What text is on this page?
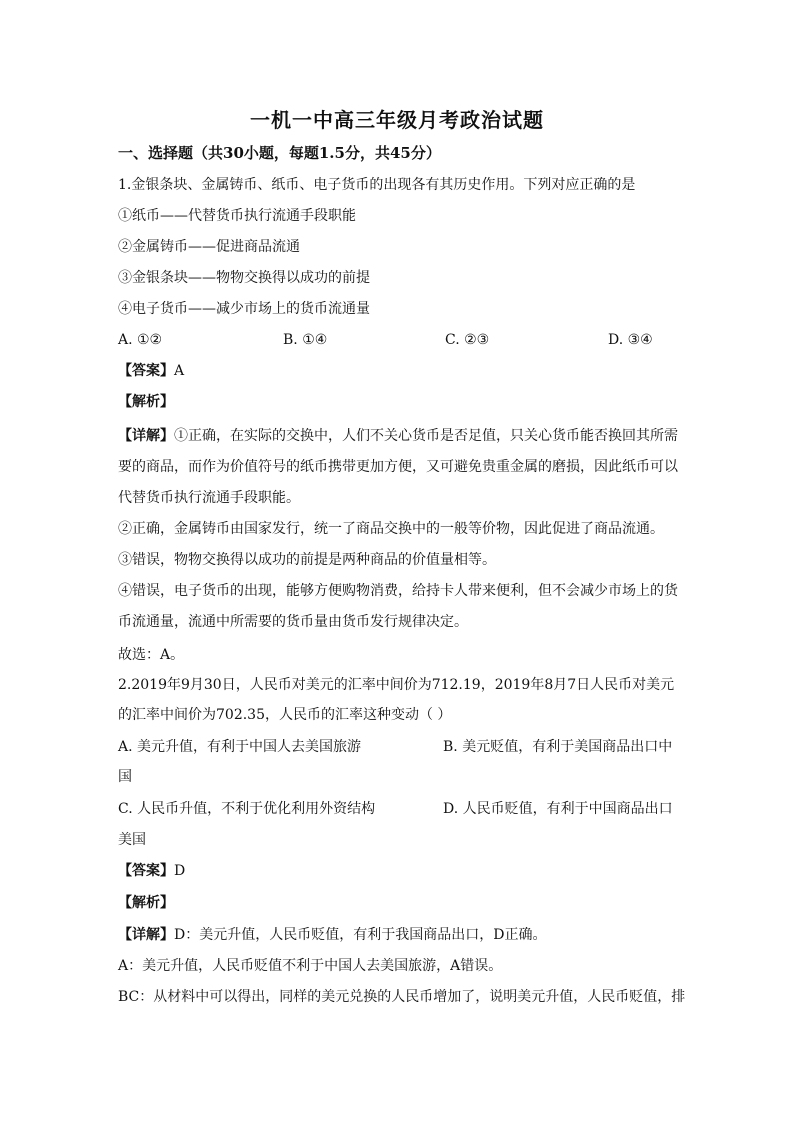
一机一中高三年级月考政治试题
一、选择题（共30小题，每题1.5分，共45分）
1.金银条块、金属铸币、纸币、电子货币的出现各有其历史作用。下列对应正确的是
①纸币——代替货币执行流通手段职能
②金属铸币——促进商品流通
③金银条块——物物交换得以成功的前提
④电子货币——减少市场上的货币流通量
A. ①②	B. ①④	C. ②③	D. ③④
【答案】A
【解析】
【详解】①正确，在实际的交换中，人们不关心货币是否足值，只关心货币能否换回其所需
要的商品，而作为价值符号的纸币携带更加方便，又可避免贵重金属的磨损，因此纸币可以
代替货币执行流通手段职能。
②正确，金属铸币由国家发行，统一了商品交换中的一般等价物，因此促进了商品流通。
③错误，物物交换得以成功的前提是两种商品的价值量相等。
④错误，电子货币的出现，能够方便购物消费，给持卡人带来便利，但不会减少市场上的货
币流通量，流通中所需要的货币量由货币发行规律决定。
故选：A。
2.2019年9月30日，人民币对美元的汇率中间价为712.19，2019年8月7日人民币对美元
的汇率中间价为702.35，人民币的汇率这种变动（ ）
A. 美元升值，有利于中国人去美国旅游	B. 美元贬值，有利于美国商品出口中
国
C. 人民币升值，不利于优化利用外资结构	D. 人民币贬值，有利于中国商品出口
美国
【答案】D
【解析】
【详解】D：美元升值，人民币贬值，有利于我国商品出口，D正确。
A：美元升值，人民币贬值不利于中国人去美国旅游，A错误。
BC：从材料中可以得出，同样的美元兑换的人民币增加了，说明美元升值，人民币贬值，排
